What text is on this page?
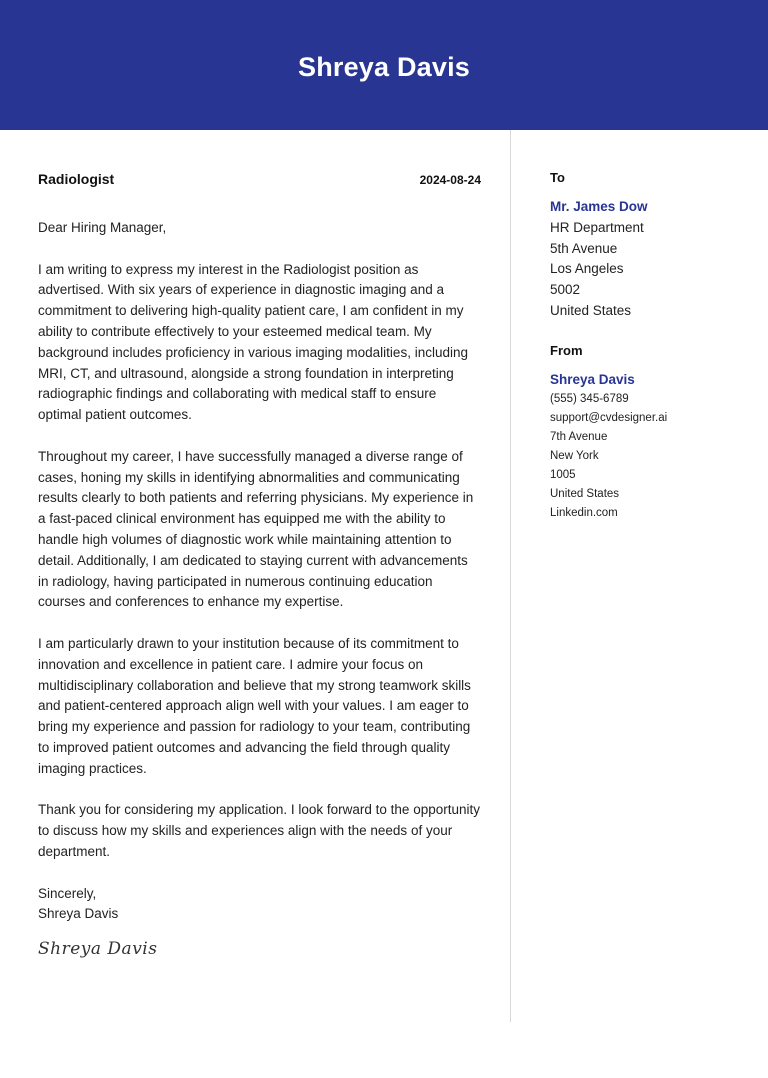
Shreya Davis
Radiologist	2024-08-24

Dear Hiring Manager,

I am writing to express my interest in the Radiologist position as advertised. With six years of experience in diagnostic imaging and a commitment to delivering high-quality patient care, I am confident in my ability to contribute effectively to your esteemed medical team. My background includes proficiency in various imaging modalities, including MRI, CT, and ultrasound, alongside a strong foundation in interpreting radiographic findings and collaborating with medical staff to ensure optimal patient outcomes.

Throughout my career, I have successfully managed a diverse range of cases, honing my skills in identifying abnormalities and communicating results clearly to both patients and referring physicians. My experience in a fast-paced clinical environment has equipped me with the ability to handle high volumes of diagnostic work while maintaining attention to detail. Additionally, I am dedicated to staying current with advancements in radiology, having participated in numerous continuing education courses and conferences to enhance my expertise.

I am particularly drawn to your institution because of its commitment to innovation and excellence in patient care. I admire your focus on multidisciplinary collaboration and believe that my strong teamwork skills and patient-centered approach align well with your values. I am eager to bring my experience and passion for radiology to your team, contributing to improved patient outcomes and advancing the field through quality imaging practices.

Thank you for considering my application. I look forward to the opportunity to discuss how my skills and experiences align with the needs of your department.

Sincerely,
Shreya Davis
Shreya Davis
To
Mr. James Dow
HR Department
5th Avenue
Los Angeles
5002
United States
From
Shreya Davis
(555) 345-6789
support@cvdesigner.ai
7th Avenue
New York
1005
United States
Linkedin.com
